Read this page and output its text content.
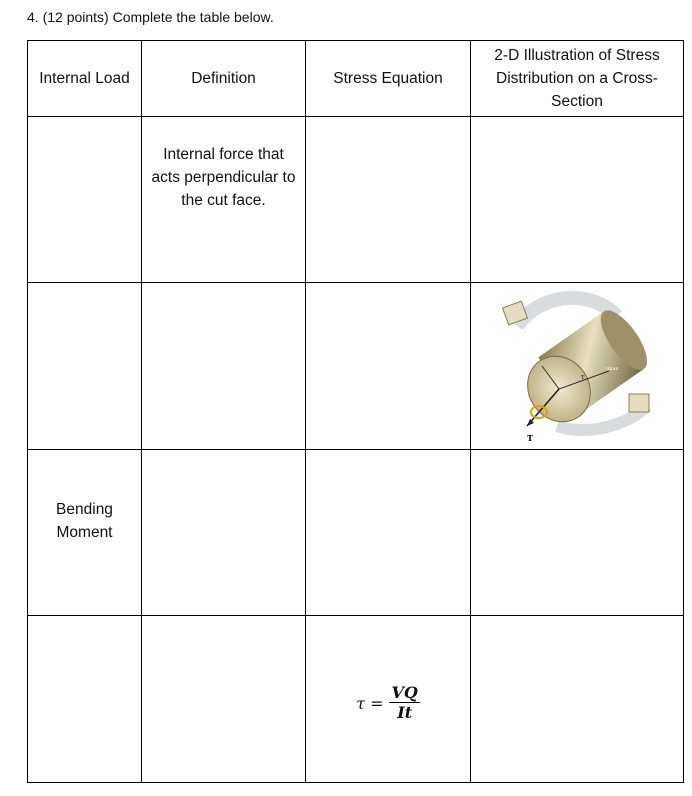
4. (12 points) Complete the table below.
Internal Load	Definition	Stress Equation	2-D Illustration of Stress Distribution on a Cross-Section

	Internal force that acts perpendicular to the cut face.		

T
τ
τmax

Bending Moment			

		$\tau = \frac{VQ}{It}$
